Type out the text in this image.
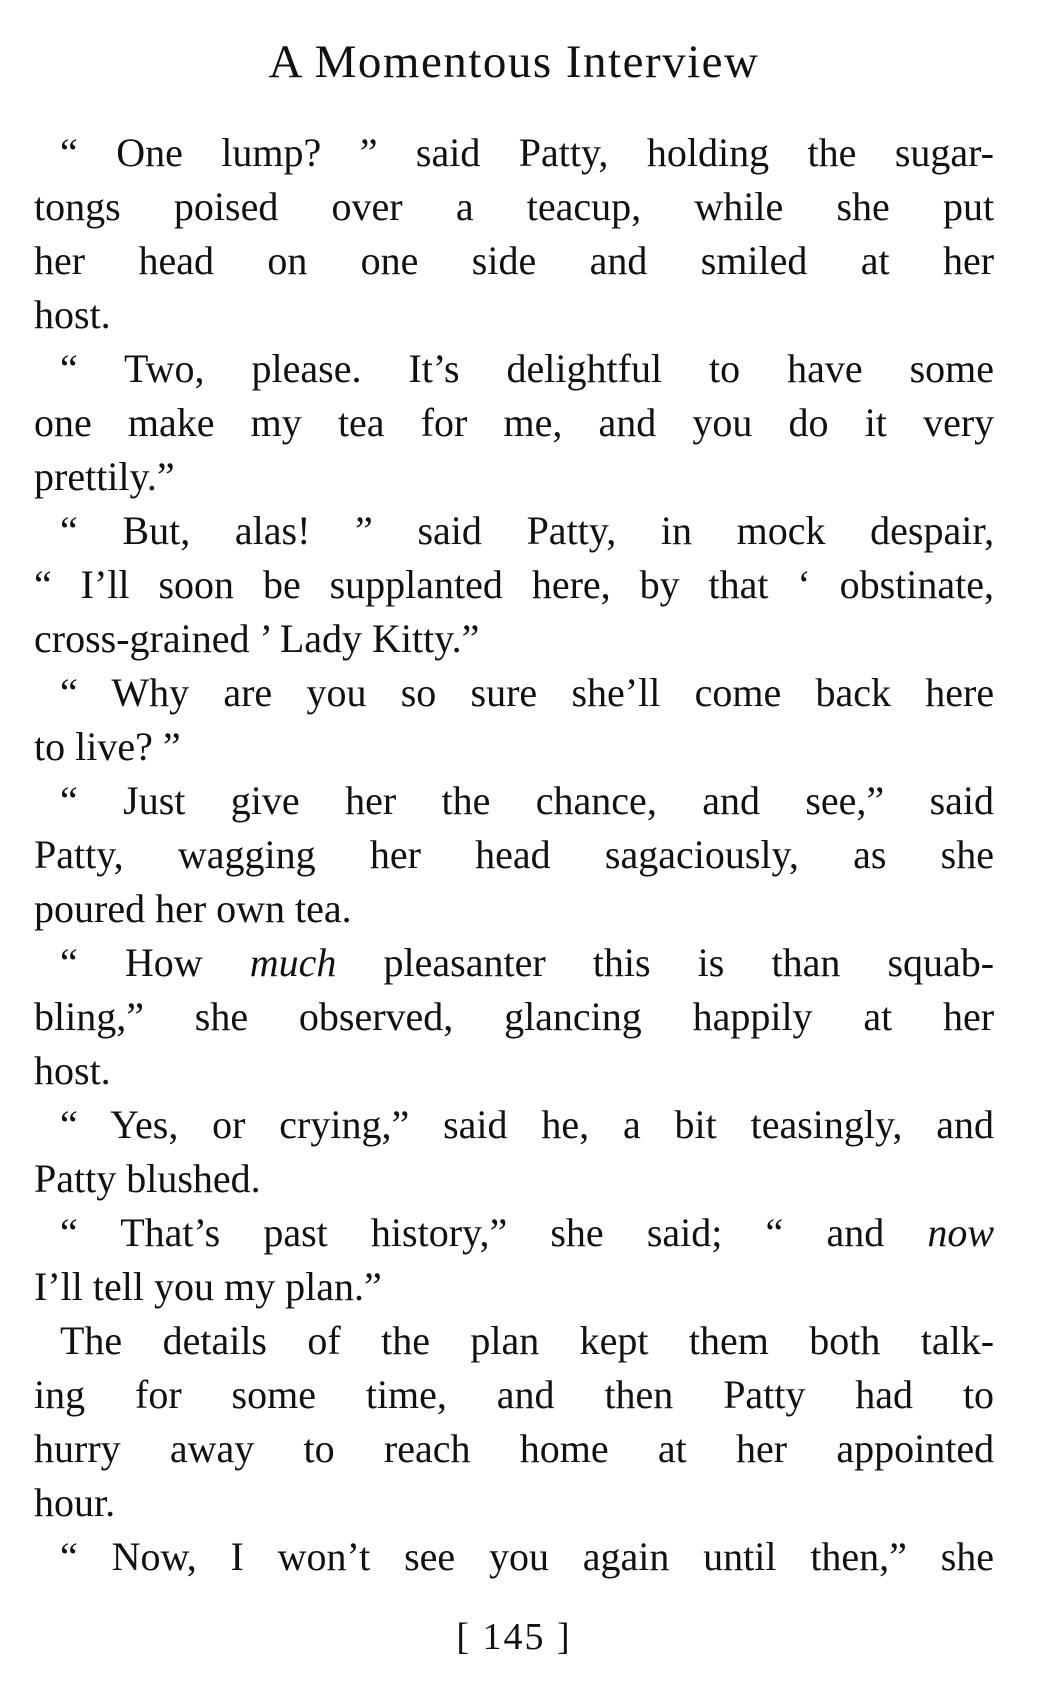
A Momentous Interview
“ One lump? ” said Patty, holding the sugar-
tongs poised over a teacup, while she put
her head on one side and smiled at her
host.
“ Two, please. It’s delightful to have some
one make my tea for me, and you do it very
prettily.”
“ But, alas! ” said Patty, in mock despair,
“ I’ll soon be supplanted here, by that ‘ obstinate,
cross-grained ’ Lady Kitty.”
“ Why are you so sure she’ll come back here
to live? ”
“ Just give her the chance, and see,” said
Patty, wagging her head sagaciously, as she
poured her own tea.
“ How much pleasanter this is than squab-
bling,” she observed, glancing happily at her
host.
“ Yes, or crying,” said he, a bit teasingly, and
Patty blushed.
“ That’s past history,” she said; “ and now
I’ll tell you my plan.”
The details of the plan kept them both talk-
ing for some time, and then Patty had to
hurry away to reach home at her appointed
hour.
“ Now, I won’t see you again until then,” she
[ 145 ]
